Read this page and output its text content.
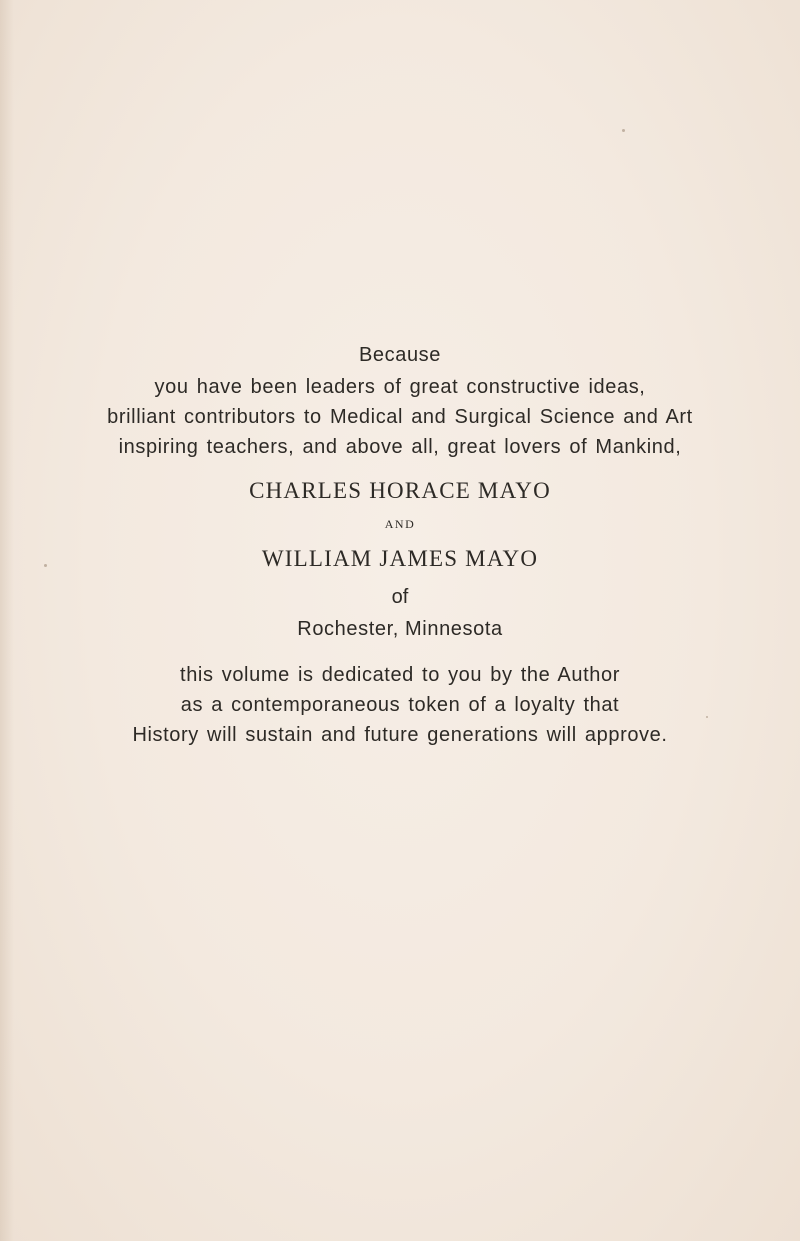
Because
you have been leaders of great constructive ideas,
brilliant contributors to Medical and Surgical Science and Art
inspiring teachers, and above all, great lovers of Mankind,
CHARLES HORACE MAYO
AND
WILLIAM JAMES MAYO
of
Rochester, Minnesota
this volume is dedicated to you by the Author
as a contemporaneous token of a loyalty that
History will sustain and future generations will approve.
